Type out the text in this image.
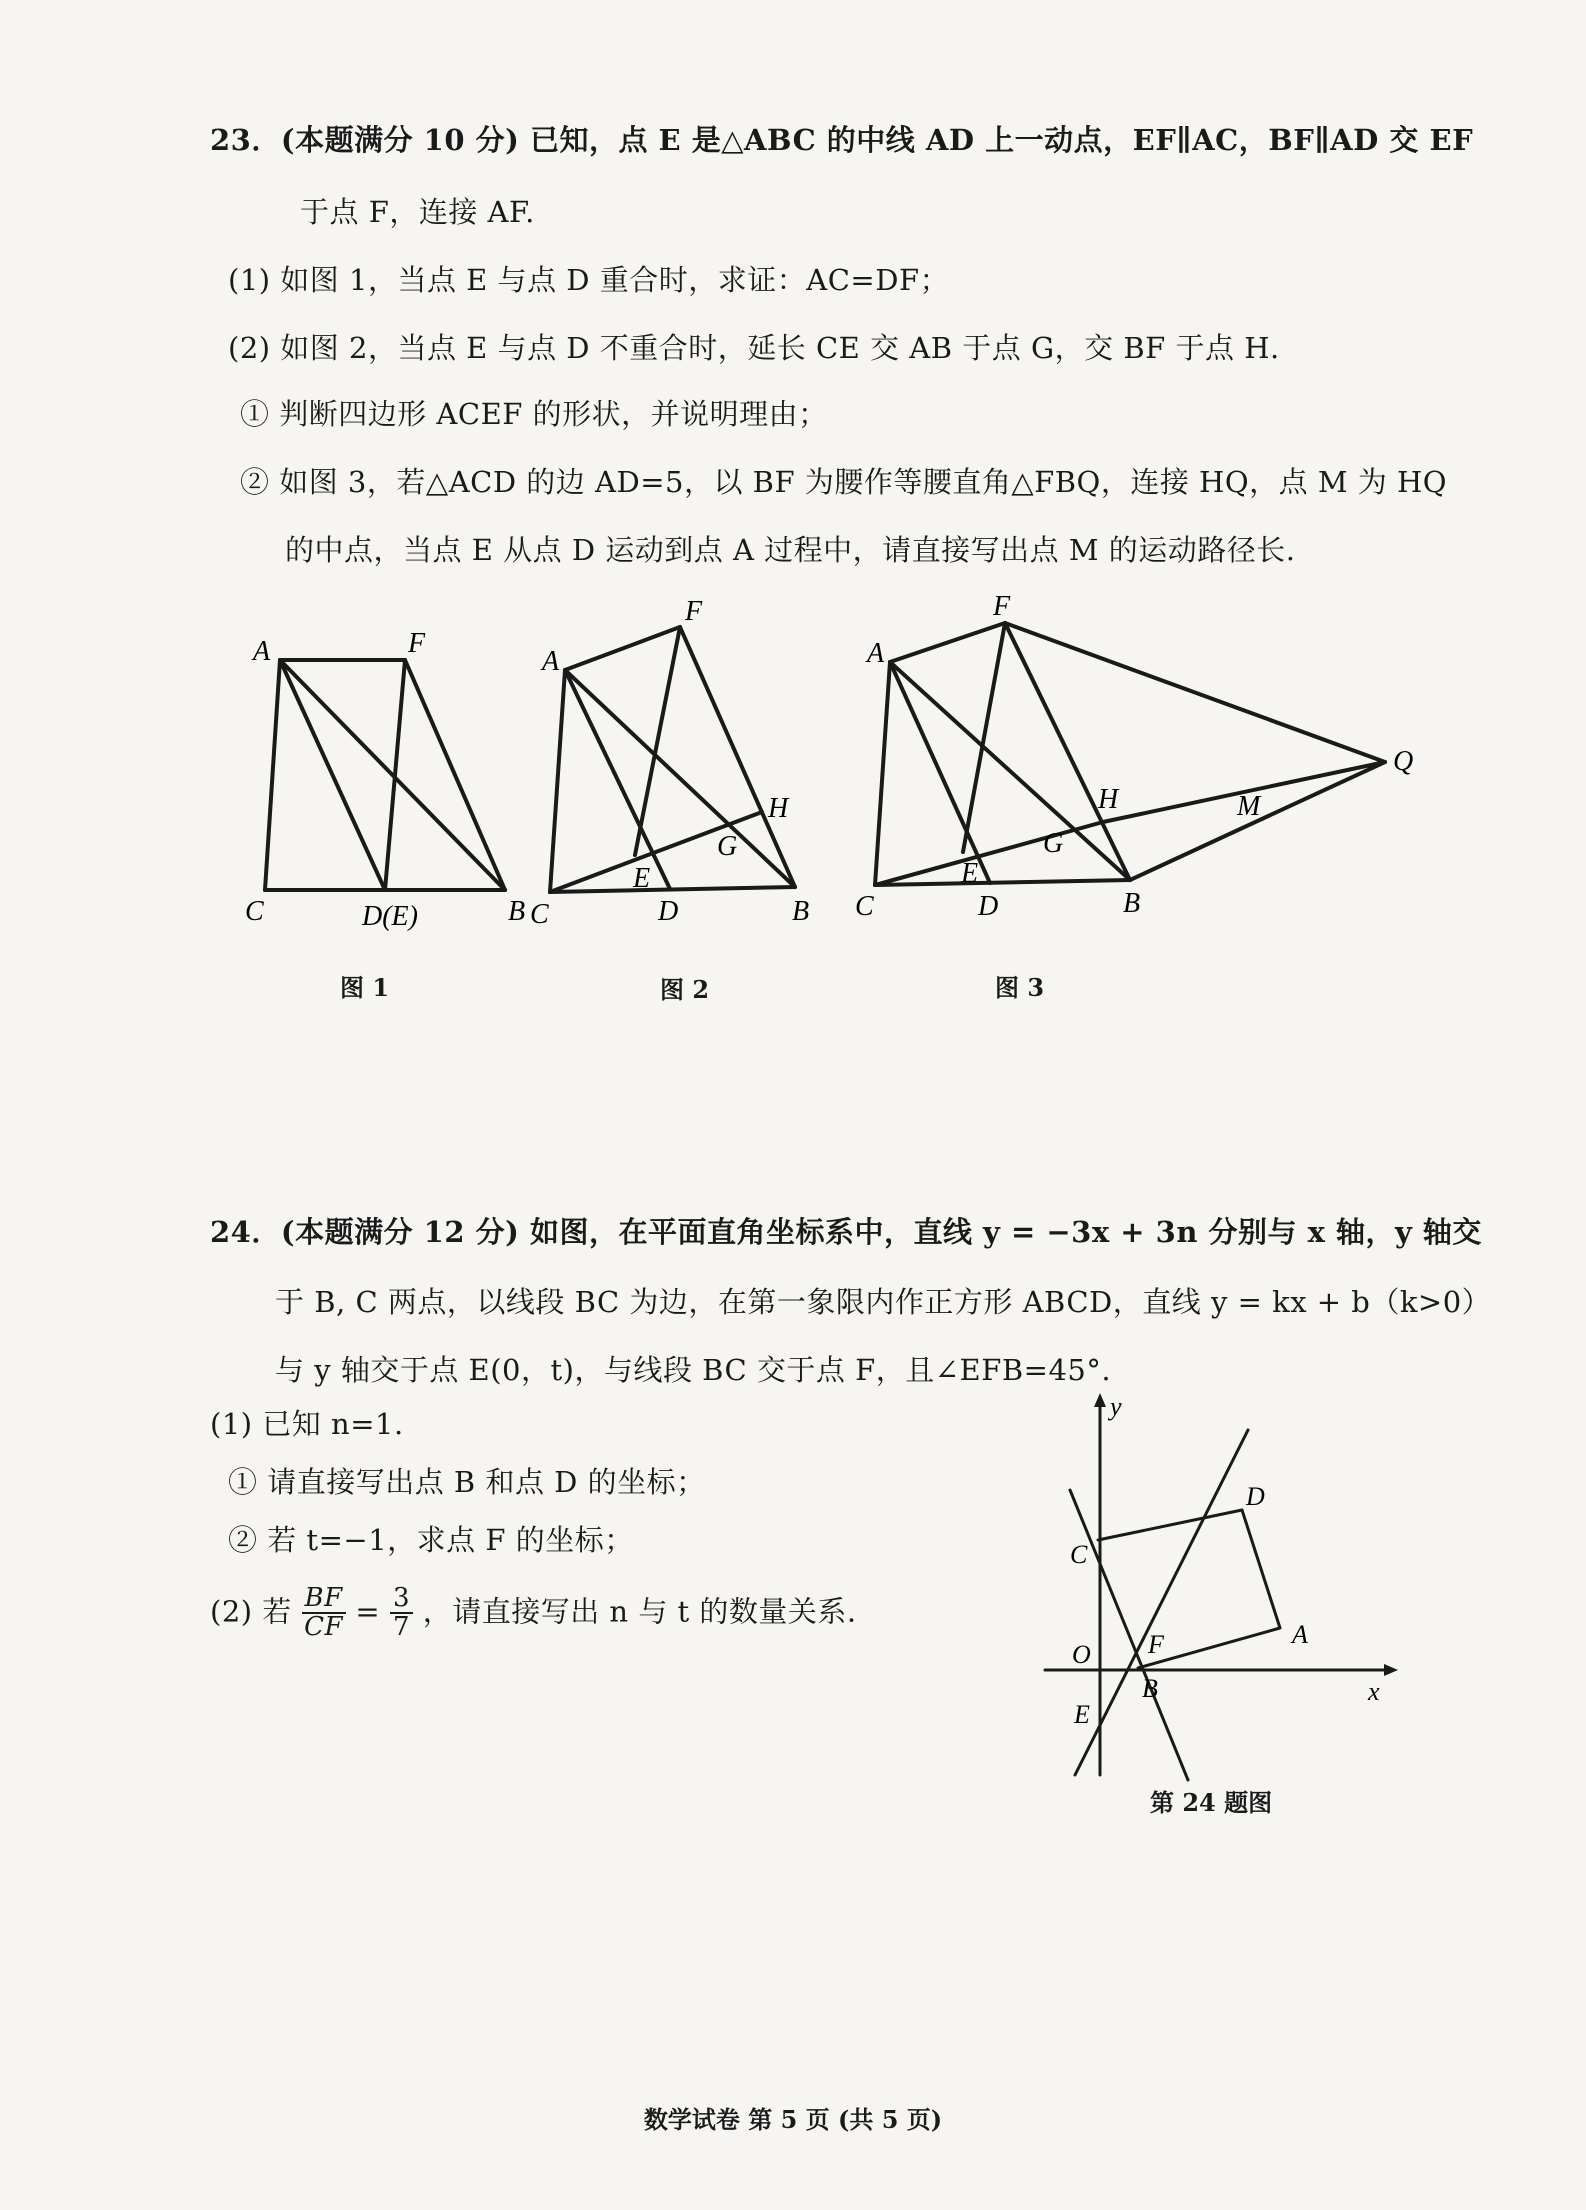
23．(本题满分 10 分) 已知，点 E 是△ABC 的中线 AD 上一动点，EF∥AC，BF∥AD 交 EF
于点 F，连接 AF.
(1) 如图 1，当点 E 与点 D 重合时，求证：AC=DF；
(2) 如图 2，当点 E 与点 D 不重合时，延长 CE 交 AB 于点 G，交 BF 于点 H.
① 判断四边形 ACEF 的形状，并说明理由；
② 如图 3，若△ACD 的边 AD=5，以 BF 为腰作等腰直角△FBQ，连接 HQ，点 M 为 HQ
的中点，当点 E 从点 D 运动到点 A 过程中，请直接写出点 M 的运动路径长.
A	F
C	D(E)	B
图 1
A
F
C	D	B
E
G
H
图 2
A
F
C	D	B
E
G
H
Q
M
图 3
24．(本题满分 12 分) 如图，在平面直角坐标系中，直线 y = −3x + 3n 分别与 x 轴，y 轴交
于 B, C 两点，以线段 BC 为边，在第一象限内作正方形 ABCD，直线 y = kx + b（k>0）
与 y 轴交于点 E(0，t)，与线段 BC 交于点 F，且∠EFB=45°.
(1) 已知 n=1.
① 请直接写出点 B 和点 D 的坐标；
② 若 t=−1，求点 F 的坐标；
(2) 若 $\frac{BF}{CF} = \frac{3}{7}$ ，请直接写出 n 与 t 的数量关系.
y
x
O
C
D
A
F
B
E
第 24 题图
数学试卷 第 5 页 (共 5 页)
